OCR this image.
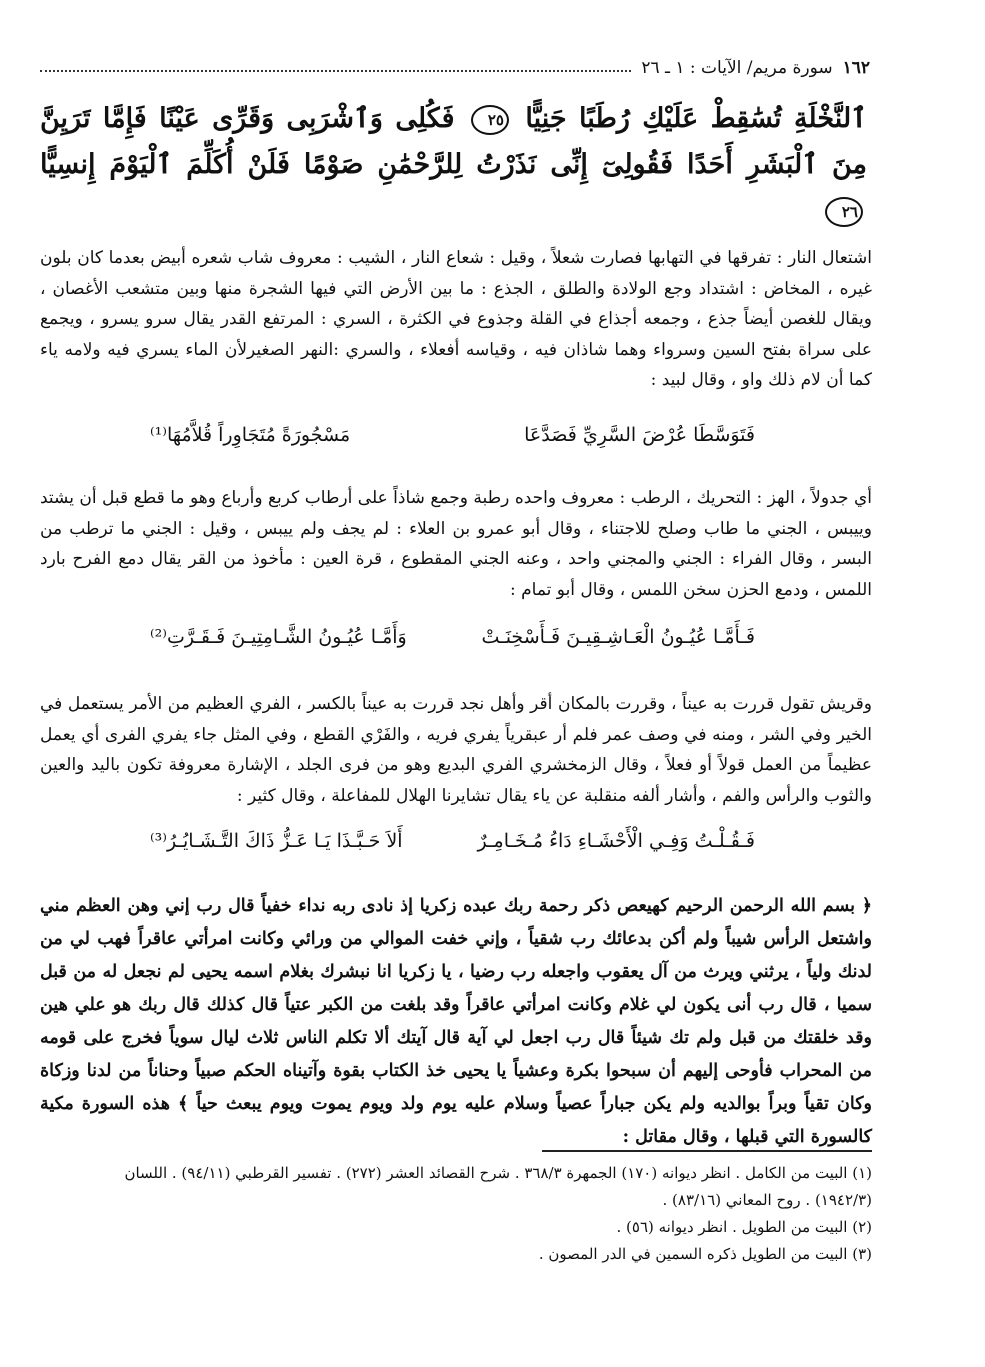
١٦٢
سورة مريم/ الآيات : ١ ـ ٢٦
ٱلنَّخْلَةِ تُسَٰقِطْ عَلَيْكِ رُطَبًا جَنِيًّا ٢٥ فَكُلِى وَٱشْرَبِى وَقَرِّى عَيْنًا فَإِمَّا تَرَيِنَّ مِنَ ٱلْبَشَرِ أَحَدًا فَقُولِىٓ إِنِّى نَذَرْتُ لِلرَّحْمَٰنِ صَوْمًا فَلَنْ أُكَلِّمَ ٱلْيَوْمَ إِنسِيًّا ٢٦

اشتعال النار : تفرقها في التهابها فصارت شعلاً ، وقيل : شعاع النار ، الشيب : معروف شاب شعره أبيض بعدما كان بلون غيره ، المخاض : اشتداد وجع الولادة والطلق ، الجذع : ما بين الأرض التي فيها الشجرة منها وبين متشعب الأغصان ، ويقال للغصن أيضاً جذع ، وجمعه أجذاع في القلة وجذوع في الكثرة ، السري : المرتفع القدر يقال سرو يسرو ، ويجمع على سراة بفتح السين وسرواء وهما شاذان فيه ، وقياسه أفعلاء ، والسري :النهر الصغيرلأن الماء يسري فيه ولامه ياء كما أن لام ذلك واو ، وقال لبيد :

فَتَوَسَّطَا عُرْضَ السَّرِيِّ فَصَدَّعَا
مَسْجُورَةً مُتَجَاوِراً قُلاَّمُهَا⁽¹⁾

أي جدولاً ، الهز : التحريك ، الرطب : معروف واحده رطبة وجمع شاذاً على أرطاب كربع وأرباع وهو ما قطع قبل أن يشتد وييبس ، الجني ما طاب وصلح للاجتناء ، وقال أبو عمرو بن العلاء : لم يجف ولم ييبس ، وقيل : الجني ما ترطب من البسر ، وقال الفراء : الجني والمجني واحد ، وعنه الجني المقطوع ، قرة العين : مأخوذ من القر يقال دمع الفرح بارد اللمس ، ودمع الحزن سخن اللمس ، وقال أبو تمام :

فَـأَمَّـا عُيُـونُ الْعَـاشِـقِيـنَ فَـأَسْخِنَـتْ
وَأَمَّـا عُيُـونُ الشَّـامِتِيـنَ فَـقَـرَّتِ⁽²⁾

وقريش تقول قررت به عيناً ، وقررت بالمكان أقر وأهل نجد قررت به عيناً بالكسر ، الفري العظيم من الأمر يستعمل في الخير وفي الشر ، ومنه في وصف عمر فلم أر عبقرياً يفري فريه ، والفَرْي القطع ، وفي المثل جاء يفري الفرى أي يعمل عظيماً من العمل قولاً أو فعلاً ، وقال الزمخشري الفري البديع وهو من فرى الجلد ، الإشارة معروفة تكون باليد والعين والثوب والرأس والفم ، وأشار ألفه منقلبة عن ياء يقال تشايرنا الهلال للمفاعلة ، وقال كثير :

فَـقُـلْـتُ وَفِـي الْأَحْشَـاءِ دَاءُ مُـخَـامِـرٌ
أَلاَ حَـبَّـذَا يَـا عَـزُّ ذَاكَ التَّـشَـايُـرُ⁽³⁾

﴿ بسم الله الرحمن الرحيم كهيعص ذكر رحمة ربك عبده زكريا إذ نادى ربه نداء خفياً قال رب إني وهن العظم مني واشتعل الرأس شيباً ولم أكن بدعائك رب شقياً ، وإني خفت الموالي من ورائي وكانت امرأتي عاقراً فهب لي من لدنك ولياً ، يرثني ويرث من آل يعقوب واجعله رب رضيا ، يا زكريا انا نبشرك بغلام اسمه يحيى لم نجعل له من قبل سميا ، قال رب أنى يكون لي غلام وكانت امرأتي عاقراً وقد بلغت من الكبر عتياً قال كذلك قال ربك هو علي هين وقد خلقتك من قبل ولم تك شيئاً قال رب اجعل لي آية قال آيتك ألا تكلم الناس ثلاث ليال سوياً فخرج على قومه من المحراب فأوحى إليهم أن سبحوا بكرة وعشياً يا يحيى خذ الكتاب بقوة وآتيناه الحكم صبياً وحناناً من لدنا وزكاة وكان تقياً وبراً بوالديه ولم يكن جباراً عصياً وسلام عليه يوم ولد ويوم يموت ويوم يبعث حياً ﴾ هذه السورة مكية كالسورة التي قبلها ، وقال مقاتل :

(١) البيت من الكامل . انظر ديوانه (١٧٠) الجمهرة ٣٦٨/٣ . شرح القصائد العشر (٢٧٢) . تفسير القرطبي (٩٤/١١) . اللسان

(١٩٤٢/٣) . روح المعاني (٨٣/١٦) .

(٢) البيت من الطويل . انظر ديوانه (٥٦) .

(٣) البيت من الطويل ذكره السمين في الدر المصون .
